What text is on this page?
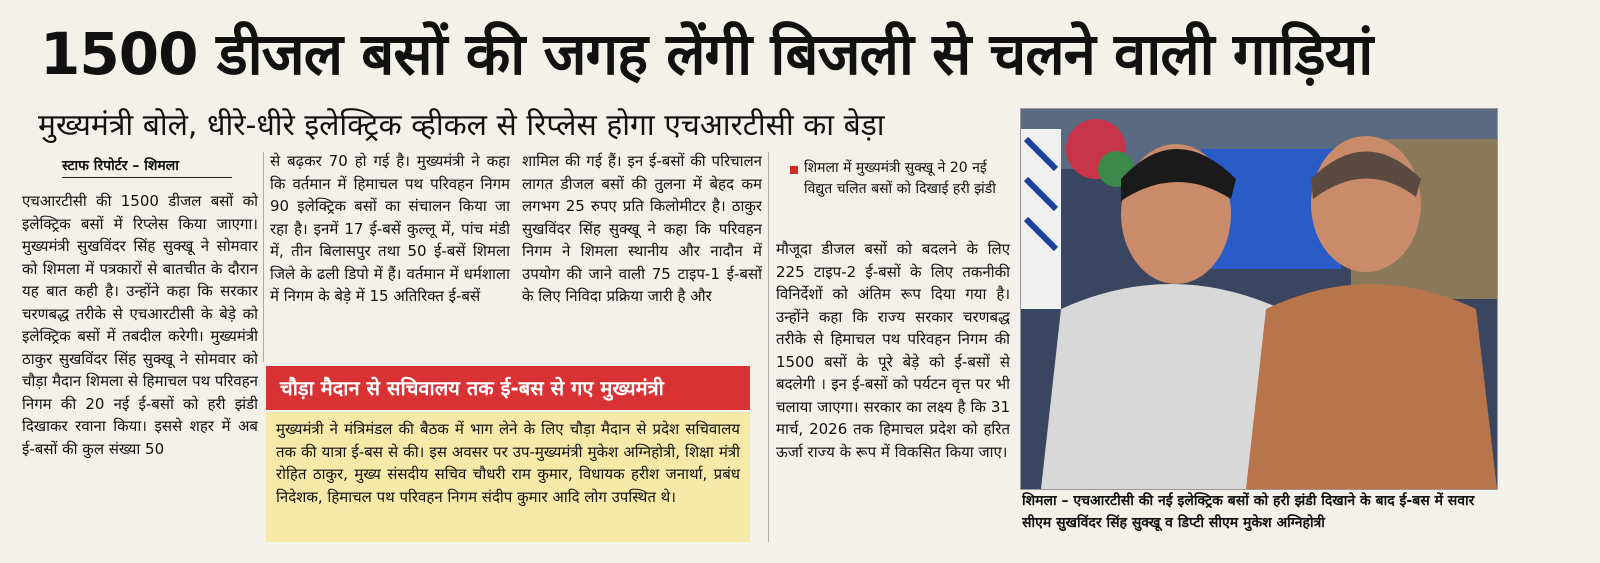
1500 डीजल बसों की जगह लेंगी बिजली से चलने वाली गाड़ियां
मुख्यमंत्री बोले, धीरे-धीरे इलेक्ट्रिक व्हीकल से रिप्लेस होगा एचआरटीसी का बेड़ा
स्टाफ रिपोर्टर – शिमला
एचआरटीसी की 1500 डीजल बसों को इलेक्ट्रिक बसों में रिप्लेस किया जाएगा। मुख्यमंत्री सुखविंदर सिंह सुक्खू ने सोमवार को शिमला में पत्रकारों से बातचीत के दौरान यह बात कही है। उन्होंने कहा कि सरकार चरणबद्ध तरीके से एचआरटीसी के बेड़े को इलेक्ट्रिक बसों में तबदील करेगी। मुख्यमंत्री ठाकुर सुखविंदर सिंह सुक्खू ने सोमवार को चौड़ा मैदान शिमला से हिमाचल पथ परिवहन निगम की 20 नई ई-बसों को हरी झंडी दिखाकर रवाना किया। इससे शहर में अब ई-बसों की कुल संख्या 50
से बढ़कर 70 हो गई है। मुख्यमंत्री ने कहा कि वर्तमान में हिमाचल पथ परिवहन निगम 90 इलेक्ट्रिक बसों का संचालन किया जा रहा है। इनमें 17 ई-बसें कुल्लू में, पांच मंडी में, तीन बिलासपुर तथा 50 ई-बसें शिमला जिले के ढली डिपो में हैं। वर्तमान में धर्मशाला में निगम के बेड़े में 15 अतिरिक्त ई-बसें
शामिल की गई हैं। इन ई-बसों की परिचालन लागत डीजल बसों की तुलना में बेहद कम लगभग 25 रुपए प्रति किलोमीटर है। ठाकुर सुखविंदर सिंह सुक्खू ने कहा कि परिवहन निगम ने शिमला स्थानीय और नादौन में उपयोग की जाने वाली 75 टाइप-1 ई-बसों के लिए निविदा प्रक्रिया जारी है और
शिमला में मुख्यमंत्री सुक्खू ने 20 नई विद्युत चलित बसों को दिखाई हरी झंडी
मौजूदा डीजल बसों को बदलने के लिए 225 टाइप-2 ई-बसों के लिए तकनीकी विनिर्देशों को अंतिम रूप दिया गया है। उन्होंने कहा कि राज्य सरकार चरणबद्ध तरीके से हिमाचल पथ परिवहन निगम की 1500 बसों के पूरे बेड़े को ई-बसों से बदलेगी । इन ई-बसों को पर्यटन वृत्त पर भी चलाया जाएगा। सरकार का लक्ष्य है कि 31 मार्च, 2026 तक हिमाचल प्रदेश को हरित ऊर्जा राज्य के रूप में विकसित किया जाए।
चौड़ा मैदान से सचिवालय तक ई-बस से गए मुख्यमंत्री
मुख्यमंत्री ने मंत्रिमंडल की बैठक में भाग लेने के लिए चौड़ा मैदान से प्रदेश सचिवालय तक की यात्रा ई-बस से की। इस अवसर पर उप-मुख्यमंत्री मुकेश अग्निहोत्री, शिक्षा मंत्री रोहित ठाकुर, मुख्य संसदीय सचिव चौधरी राम कुमार, विधायक हरीश जनार्था, प्रबंध निदेशक, हिमाचल पथ परिवहन निगम संदीप कुमार आदि लोग उपस्थित थे।	शिमला – एचआरटीसी की नई इलेक्ट्रिक बसों को हरी झंडी दिखाने के बाद ई-बस में सवार सीएम सुखविंदर सिंह सुक्खू व डिप्टी सीएम मुकेश अग्निहोत्री
